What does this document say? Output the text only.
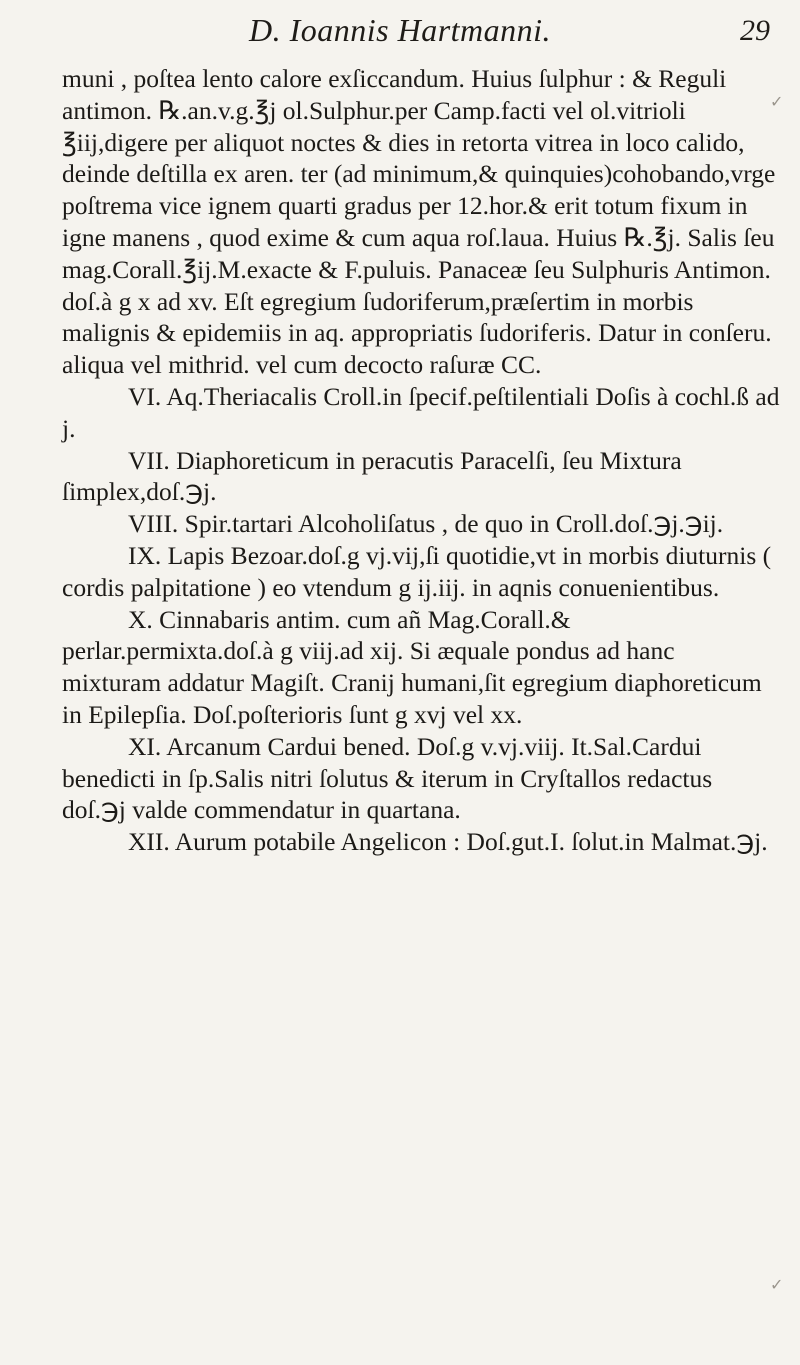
D. Ioannis Hartmanni.	29

muni , poſtea lento calore exſiccandum. Huius ſulphur : & Reguli antimon. ℞.an.v.g.℥j ol.Sulphur.per Camp.facti vel ol.vitrioli ℥iij,digere per aliquot noctes & dies in retorta vitrea in loco calido, deinde deſtilla ex aren. ter (ad minimum,& quinquies)cohobando,vrge poſtrema vice ignem quarti gradus per 12.hor.& erit totum fixum in igne manens , quod exime & cum aqua roſ.laua. Huius ℞.℥j. Salis ſeu mag.Corall.℥ij.M.exacte & F.puluis. Panaceæ ſeu Sulphuris Antimon. doſ.à g x ad xv. Eſt egregium ſudoriferum,præſertim in morbis malignis & epidemiis in aq. appropriatis ſudoriferis. Datur in conſeru. aliqua vel mithrid. vel cum decocto raſuræ CC.

VI. Aq.Theriacalis Croll.in ſpecif.peſtilentiali Doſis à cochl.ß ad j.

VII. Diaphoreticum in peracutis Paracelſi, ſeu Mixtura ſimplex,doſ.℈j.

VIII. Spir.tartari Alcoholiſatus , de quo in Croll.doſ.℈j.℈ij.

IX. Lapis Bezoar.doſ.g vj.vij,ſi quotidie,vt in morbis diuturnis ( cordis palpitatione ) eo vtendum g ij.iij. in aqnis conuenientibus.

X. Cinnabaris antim. cum añ Mag.Corall.& perlar.permixta.doſ.à g viij.ad xij. Si æquale pondus ad hanc mixturam addatur Magiſt. Cranij humani,ſit egregium diaphoreticum in Epilepſia. Doſ.poſterioris ſunt g xvj vel xx.

XI. Arcanum Cardui bened. Doſ.g v.vj.viij. It.Sal.Cardui benedicti in ſp.Salis nitri ſolutus & iterum in Cryſtallos redactus doſ.℈j valde commendatur in quartana.

XII. Aurum potabile Angelicon : Doſ.gut.I. ſolut.in Malmat.℈j.

✓
✓
